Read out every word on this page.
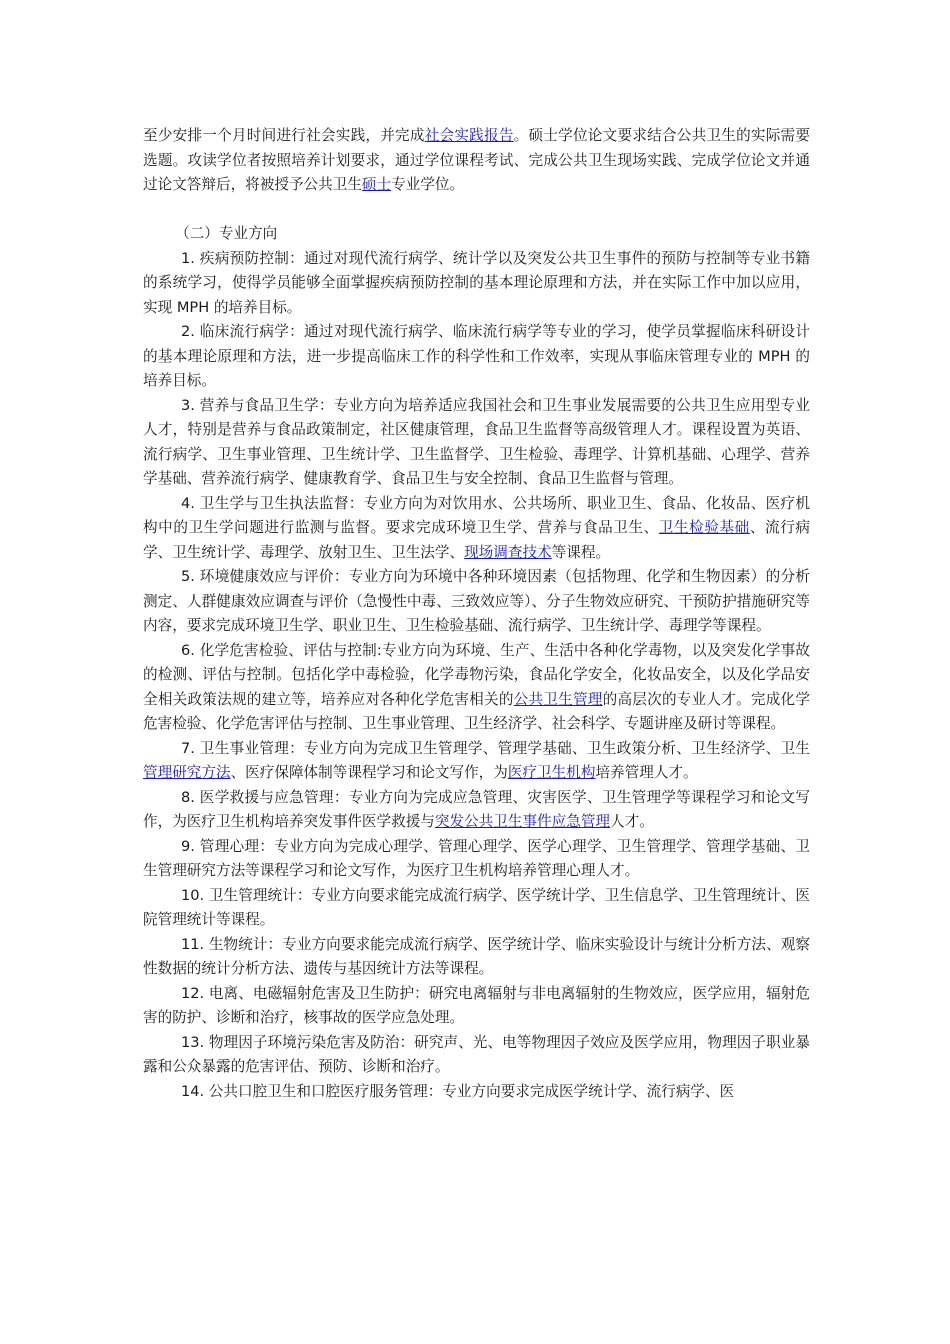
至少安排一个月时间进行社会实践，并完成社会实践报告。硕士学位论文要求结合公共卫生的实际需要选题。攻读学位者按照培养计划要求，通过学位课程考试、完成公共卫生现场实践、完成学位论文并通过论文答辩后，将被授予公共卫生硕士专业学位。

（二）专业方向

1. 疾病预防控制：通过对现代流行病学、统计学以及突发公共卫生事件的预防与控制等专业书籍的系统学习，使得学员能够全面掌握疾病预防控制的基本理论原理和方法，并在实际工作中加以应用，实现 MPH 的培养目标。

2. 临床流行病学：通过对现代流行病学、临床流行病学等专业的学习，使学员掌握临床科研设计的基本理论原理和方法，进一步提高临床工作的科学性和工作效率，实现从事临床管理专业的 MPH 的培养目标。

3. 营养与食品卫生学：专业方向为培养适应我国社会和卫生事业发展需要的公共卫生应用型专业人才，特别是营养与食品政策制定，社区健康管理，食品卫生监督等高级管理人才。课程设置为英语、流行病学、卫生事业管理、卫生统计学、卫生监督学、卫生检验、毒理学、计算机基础、心理学、营养学基础、营养流行病学、健康教育学、食品卫生与安全控制、食品卫生监督与管理。

4. 卫生学与卫生执法监督：专业方向为对饮用水、公共场所、职业卫生、食品、化妆品、医疗机构中的卫生学问题进行监测与监督。要求完成环境卫生学、营养与食品卫生、卫生检验基础、流行病学、卫生统计学、毒理学、放射卫生、卫生法学、现场调查技术等课程。

5. 环境健康效应与评价：专业方向为环境中各种环境因素（包括物理、化学和生物因素）的分析测定、人群健康效应调查与评价（急慢性中毒、三致效应等）、分子生物效应研究、干预防护措施研究等内容，要求完成环境卫生学、职业卫生、卫生检验基础、流行病学、卫生统计学、毒理学等课程。

6. 化学危害检验、评估与控制:专业方向为环境、生产、生活中各种化学毒物，以及突发化学事故的检测、评估与控制。包括化学中毒检验，化学毒物污染，食品化学安全，化妆品安全，以及化学品安全相关政策法规的建立等，培养应对各种化学危害相关的公共卫生管理的高层次的专业人才。完成化学危害检验、化学危害评估与控制、卫生事业管理、卫生经济学、社会科学、专题讲座及研讨等课程。

7. 卫生事业管理：专业方向为完成卫生管理学、管理学基础、卫生政策分析、卫生经济学、卫生管理研究方法、医疗保障体制等课程学习和论文写作，为医疗卫生机构培养管理人才。

8. 医学救援与应急管理：专业方向为完成应急管理、灾害医学、卫生管理学等课程学习和论文写作，为医疗卫生机构培养突发事件医学救援与突发公共卫生事件应急管理人才。

9. 管理心理：专业方向为完成心理学、管理心理学、医学心理学、卫生管理学、管理学基础、卫生管理研究方法等课程学习和论文写作，为医疗卫生机构培养管理心理人才。

10. 卫生管理统计：专业方向要求能完成流行病学、医学统计学、卫生信息学、卫生管理统计、医院管理统计等课程。

11. 生物统计：专业方向要求能完成流行病学、医学统计学、临床实验设计与统计分析方法、观察性数据的统计分析方法、遗传与基因统计方法等课程。

12. 电离、电磁辐射危害及卫生防护：研究电离辐射与非电离辐射的生物效应，医学应用，辐射危害的防护、诊断和治疗，核事故的医学应急处理。

13. 物理因子环境污染危害及防治：研究声、光、电等物理因子效应及医学应用，物理因子职业暴露和公众暴露的危害评估、预防、诊断和治疗。

14. 公共口腔卫生和口腔医疗服务管理：专业方向要求完成医学统计学、流行病学、医
